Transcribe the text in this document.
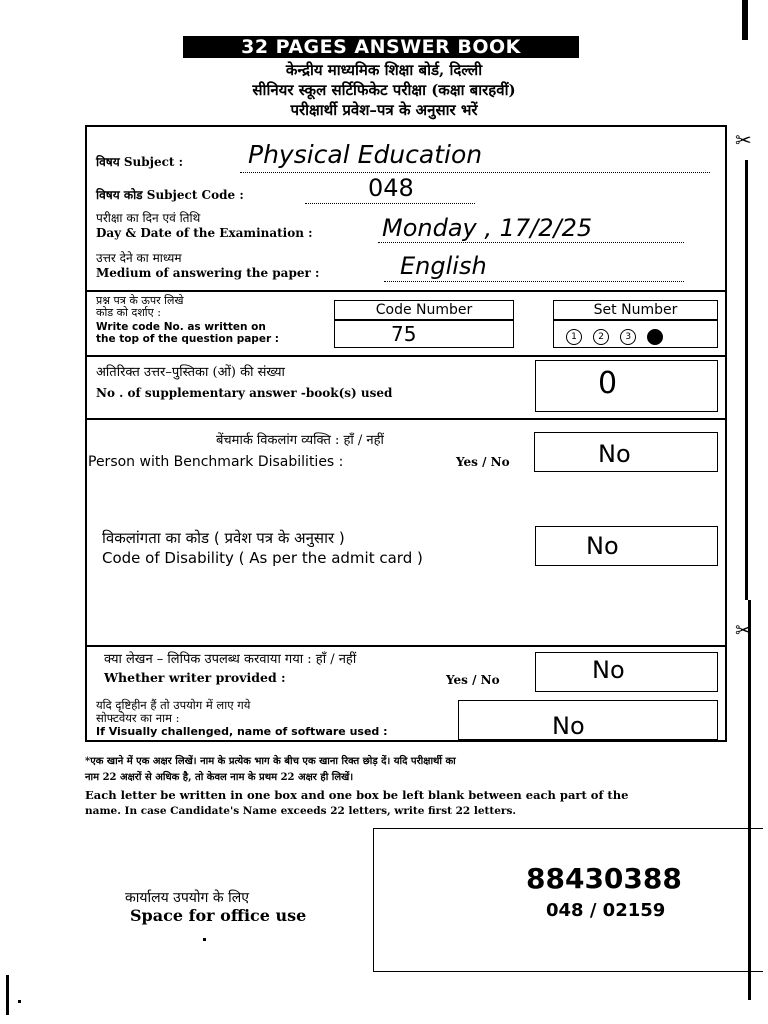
32 PAGES ANSWER BOOK
केन्द्रीय माध्यमिक शिक्षा बोर्ड, दिल्ली
सीनियर स्कूल सर्टिफिकेट परीक्षा (कक्षा बारहवीं)
परीक्षार्थी प्रवेश–पत्र के अनुसार भरें
विषय Subject :	Physical Education
विषय कोड Subject Code :	048
परीक्षा का दिन एवं तिथि
Day & Date of the Examination :	Monday , 17/2/25
उत्तर देने का माध्यम
Medium of answering the paper :	English
प्रश्न पत्र के ऊपर लिखे
कोड को दर्शाए :
Write code No. as written on
the top of the question paper :
Code Number
75
Set Number
1 2 3 4
अतिरिक्त उत्तर–पुस्तिका (ओं) की संख्या
No . of supplementary answer -book(s) used	0
बेंचमार्क विकलांग व्यक्ति : हाँ / नहीं
Person with Benchmark Disabilities :	Yes / No	No
विकलांगता का कोड ( प्रवेश पत्र के अनुसार )
Code of Disability ( As per the admit card )	No
क्या लेखन – लिपिक उपलब्ध करवाया गया : हाँ / नहीं
Whether writer provided :	Yes / No	No
यदि दृष्टिहीन हैं तो उपयोग में लाए गये
सोफ्टवेयर का नाम :
If Visually challenged, name of software used :	No
*एक खाने में एक अक्षर लिखें। नाम के प्रत्येक भाग के बीच एक खाना रिक्त छोड़ दें। यदि परीक्षार्थी का
नाम 22 अक्षरों से अधिक है, तो केवल नाम के प्रथम 22 अक्षर ही लिखें।
Each letter be written in one box and one box be left blank between each part of the
name. In case Candidate's Name exceeds 22 letters, write first 22 letters.
कार्यालय उपयोग के लिए
Space for office use
88430388
048 / 02159
✂
✂
